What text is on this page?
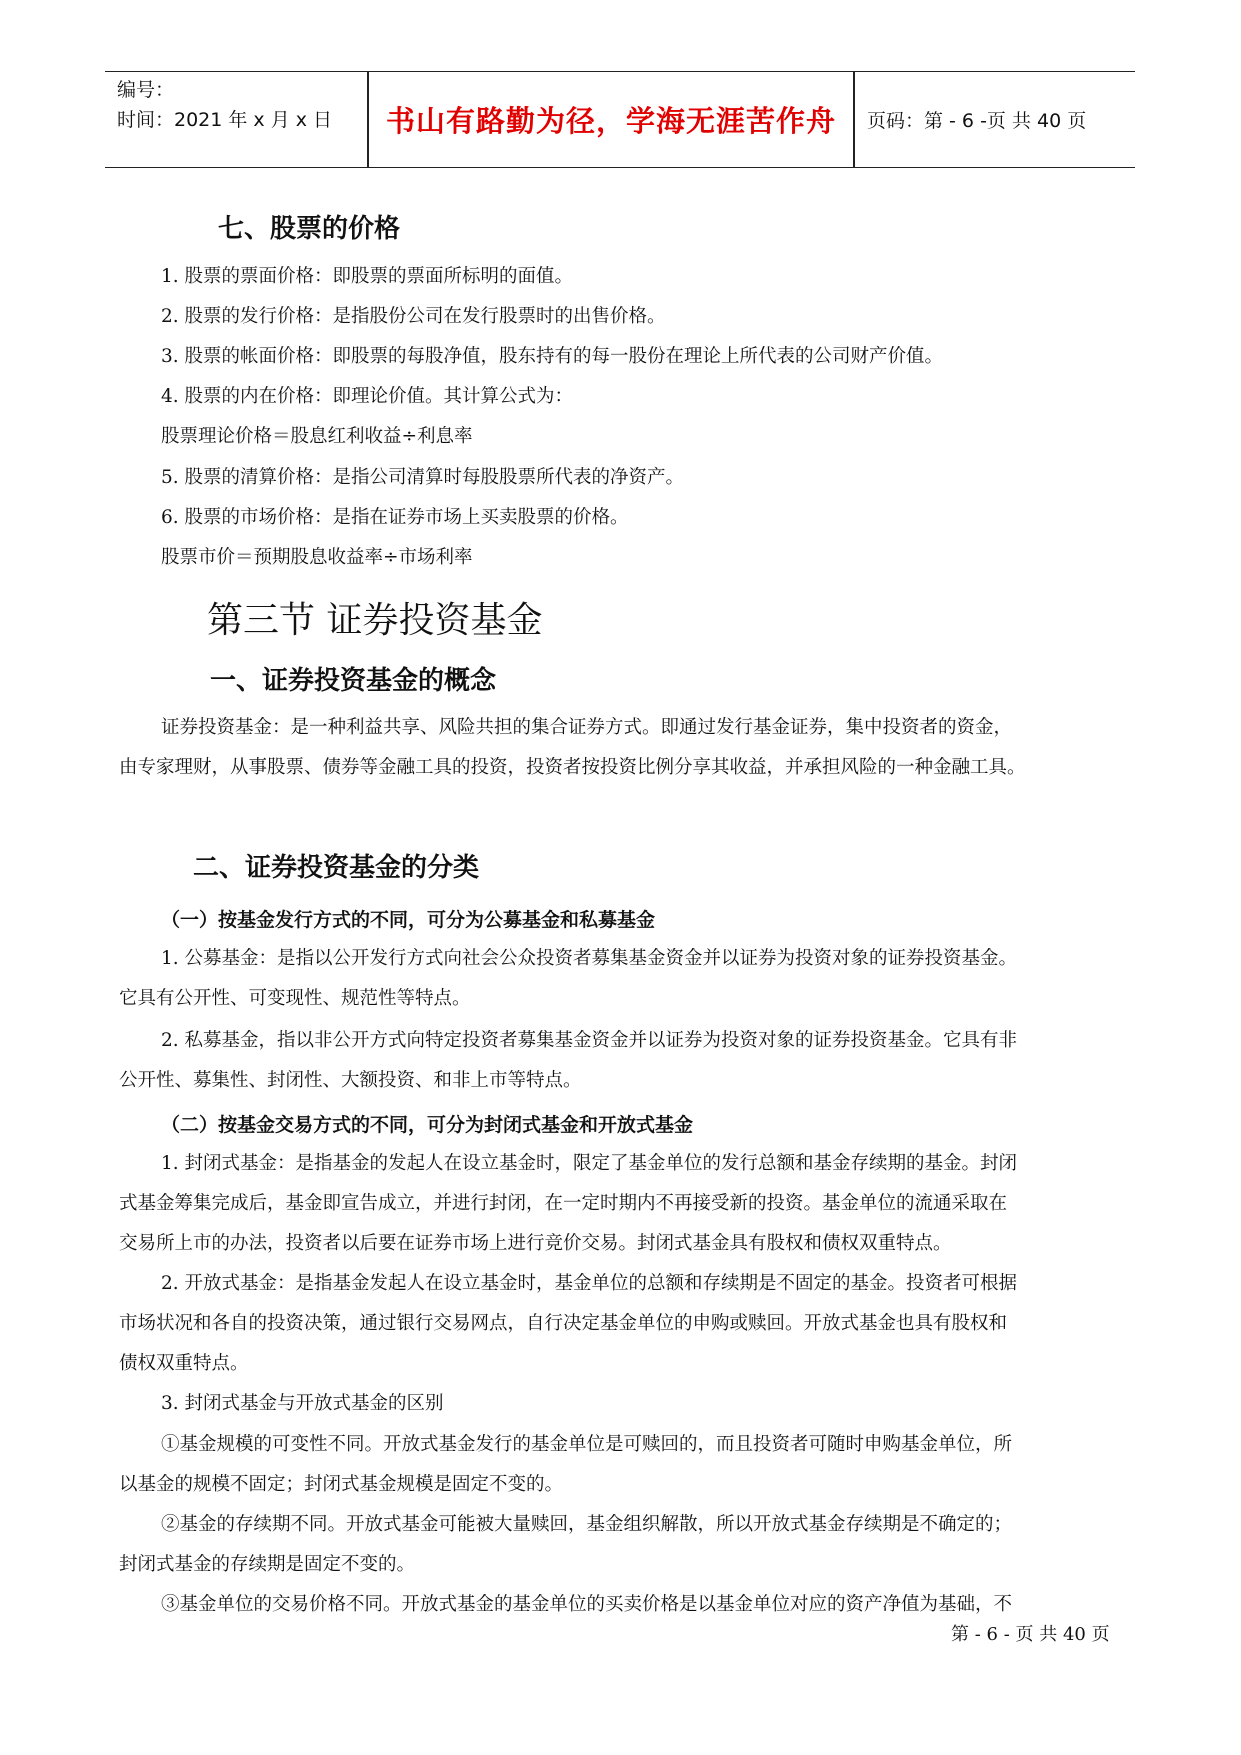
编号：
时间：2021 年 x 月 x 日	书山有路勤为径，学海无涯苦作舟	页码：第 - 6 -页 共 40 页
七、股票的价格
1. 股票的票面价格：即股票的票面所标明的面值。
2. 股票的发行价格：是指股份公司在发行股票时的出售价格。
3. 股票的帐面价格：即股票的每股净值，股东持有的每一股份在理论上所代表的公司财产价值。
4. 股票的内在价格：即理论价值。其计算公式为：
股票理论价格＝股息红利收益÷利息率
5. 股票的清算价格：是指公司清算时每股股票所代表的净资产。
6. 股票的市场价格：是指在证券市场上买卖股票的价格。
股票市价＝预期股息收益率÷市场利率
第三节 证券投资基金
一、证券投资基金的概念
证券投资基金：是一种利益共享、风险共担的集合证券方式。即通过发行基金证券，集中投资者的资金，
由专家理财，从事股票、债券等金融工具的投资，投资者按投资比例分享其收益，并承担风险的一种金融工具。
二、证券投资基金的分类
（一）按基金发行方式的不同，可分为公募基金和私募基金
1. 公募基金：是指以公开发行方式向社会公众投资者募集基金资金并以证券为投资对象的证券投资基金。
它具有公开性、可变现性、规范性等特点。
2. 私募基金，指以非公开方式向特定投资者募集基金资金并以证券为投资对象的证券投资基金。它具有非
公开性、募集性、封闭性、大额投资、和非上市等特点。
（二）按基金交易方式的不同，可分为封闭式基金和开放式基金
1. 封闭式基金：是指基金的发起人在设立基金时，限定了基金单位的发行总额和基金存续期的基金。封闭
式基金筹集完成后，基金即宣告成立，并进行封闭，在一定时期内不再接受新的投资。基金单位的流通采取在
交易所上市的办法，投资者以后要在证券市场上进行竞价交易。封闭式基金具有股权和债权双重特点。
2. 开放式基金：是指基金发起人在设立基金时，基金单位的总额和存续期是不固定的基金。投资者可根据
市场状况和各自的投资决策，通过银行交易网点，自行决定基金单位的申购或赎回。开放式基金也具有股权和
债权双重特点。
3. 封闭式基金与开放式基金的区别
①基金规模的可变性不同。开放式基金发行的基金单位是可赎回的，而且投资者可随时申购基金单位，所
以基金的规模不固定；封闭式基金规模是固定不变的。
②基金的存续期不同。开放式基金可能被大量赎回，基金组织解散，所以开放式基金存续期是不确定的；
封闭式基金的存续期是固定不变的。
③基金单位的交易价格不同。开放式基金的基金单位的买卖价格是以基金单位对应的资产净值为基础，不
第 - 6 - 页 共 40 页
